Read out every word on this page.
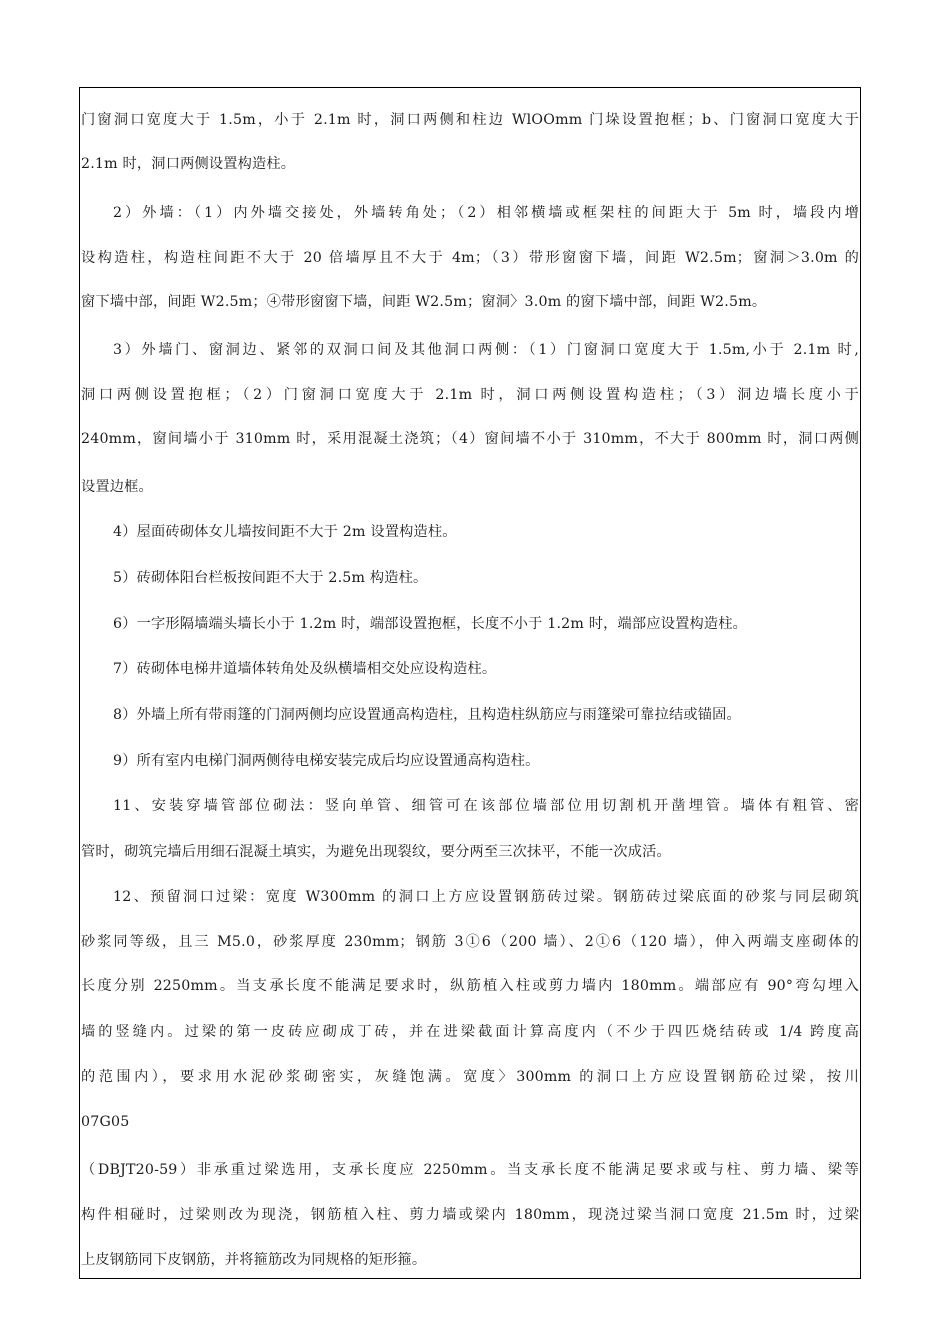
门窗洞口宽度大于 1.5m，小于 2.1m 时，洞口两侧和柱边 WlOOmm 门垛设置抱框；b、门窗洞口宽度大于
2.1m 时，洞口两侧设置构造柱。
2）外墙：（1）内外墙交接处，外墙转角处；（2）相邻横墙或框架柱的间距大于 5m 时，墙段内增
设构造柱，构造柱间距不大于 20 倍墙厚且不大于 4m；（3）带形窗窗下墙，间距 W2.5m；窗洞＞3.0m 的
窗下墙中部，间距 W2.5m；④带形窗窗下墙，间距 W2.5m；窗洞〉3.0m 的窗下墙中部，间距 W2.5m。
3）外墙门、窗洞边、紧邻的双洞口间及其他洞口两侧：（1）门窗洞口宽度大于 1.5m,小于 2.1m 时,
洞口两侧设置抱框；（2）门窗洞口宽度大于 2.1m 时，洞口两侧设置构造柱；（3）洞边墙长度小于
240mm，窗间墙小于 310mm 时，采用混凝土浇筑；（4）窗间墙不小于 310mm，不大于 800mm 时，洞口两侧
设置边框。
4）屋面砖砌体女儿墙按间距不大于 2m 设置构造柱。
5）砖砌体阳台栏板按间距不大于 2.5m 构造柱。
6）一字形隔墙端头墙长小于 1.2m 时，端部设置抱框，长度不小于 1.2m 时，端部应设置构造柱。
7）砖砌体电梯井道墙体转角处及纵横墙相交处应设构造柱。
8）外墙上所有带雨篷的门洞两侧均应设置通高构造柱，且构造柱纵筋应与雨篷梁可靠拉结或锚固。
9）所有室内电梯门洞两侧待电梯安装完成后均应设置通高构造柱。
11、安装穿墙管部位砌法：竖向单管、细管可在该部位墙部位用切割机开凿埋管。墙体有粗管、密
管时，砌筑完墙后用细石混凝土填实，为避免出现裂纹，要分两至三次抹平，不能一次成活。
12、预留洞口过梁：宽度 W300mm 的洞口上方应设置钢筋砖过梁。钢筋砖过梁底面的砂浆与同层砌筑
砂浆同等级，且三 M5.0，砂浆厚度 230mm；钢筋 3①6（200 墙）、2①6（120 墙），伸入两端支座砌体的
长度分别 2250mm。当支承长度不能满足要求时，纵筋植入柱或剪力墙内 180mm。端部应有 90°弯勾埋入
墙的竖缝内。过梁的第一皮砖应砌成丁砖，并在进梁截面计算高度内（不少于四匹烧结砖或 1/4 跨度高
的范围内），要求用水泥砂浆砌密实，灰缝饱满。宽度〉300mm 的洞口上方应设置钢筋砼过梁，按川
07G05
（DBJT20-59）非承重过梁选用，支承长度应 2250mm。当支承长度不能满足要求或与柱、剪力墙、梁等
构件相碰时，过梁则改为现浇，钢筋植入柱、剪力墙或梁内 180mm，现浇过梁当洞口宽度 21.5m 时，过梁
上皮钢筋同下皮钢筋，并将箍筋改为同规格的矩形箍。
